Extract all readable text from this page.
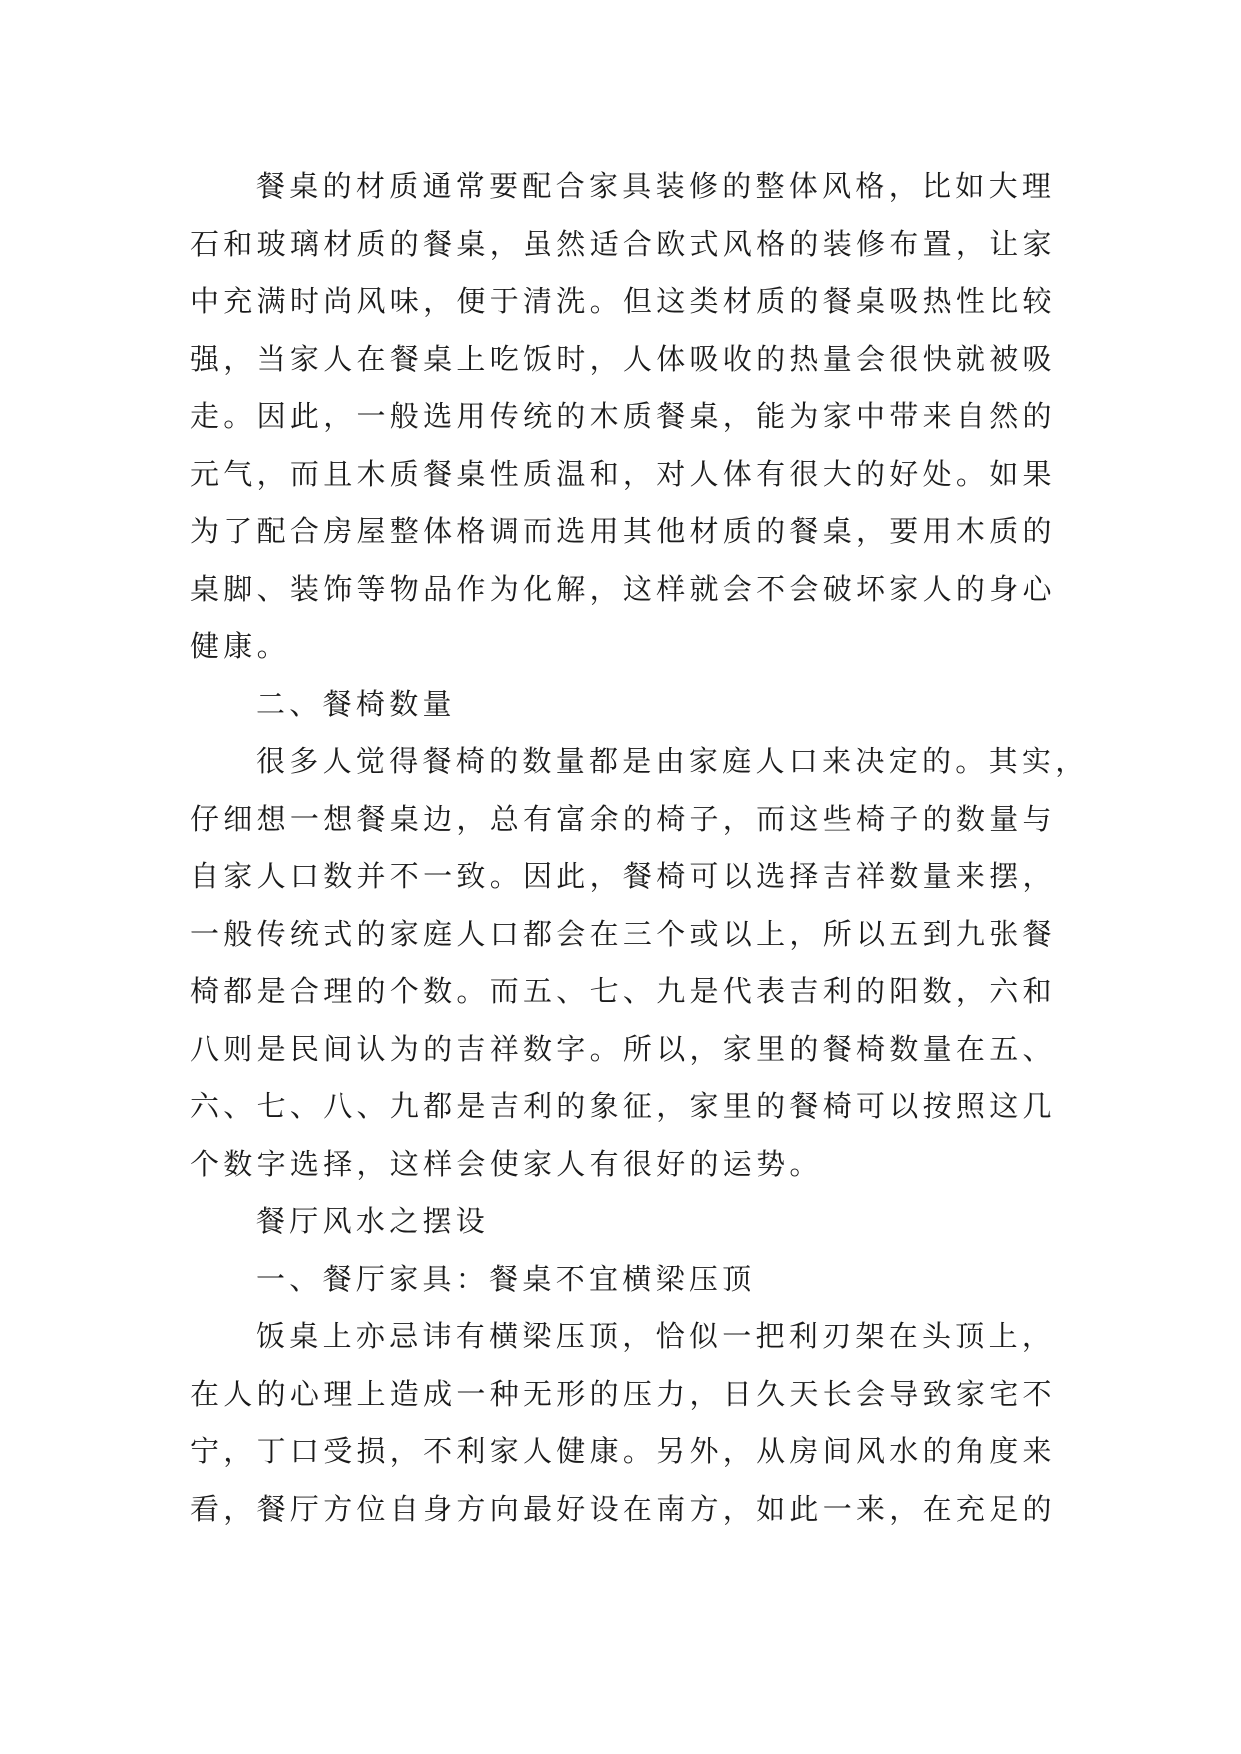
餐桌的材质通常要配合家具装修的整体风格，比如大理
石和玻璃材质的餐桌，虽然适合欧式风格的装修布置，让家
中充满时尚风味，便于清洗。但这类材质的餐桌吸热性比较
强，当家人在餐桌上吃饭时，人体吸收的热量会很快就被吸
走。因此，一般选用传统的木质餐桌，能为家中带来自然的
元气，而且木质餐桌性质温和，对人体有很大的好处。如果
为了配合房屋整体格调而选用其他材质的餐桌，要用木质的
桌脚、装饰等物品作为化解，这样就会不会破坏家人的身心
健康。
二、餐椅数量
很多人觉得餐椅的数量都是由家庭人口来决定的。其实，
仔细想一想餐桌边，总有富余的椅子，而这些椅子的数量与
自家人口数并不一致。因此，餐椅可以选择吉祥数量来摆，
一般传统式的家庭人口都会在三个或以上，所以五到九张餐
椅都是合理的个数。而五、七、九是代表吉利的阳数，六和
八则是民间认为的吉祥数字。所以，家里的餐椅数量在五、
六、七、八、九都是吉利的象征，家里的餐椅可以按照这几
个数字选择，这样会使家人有很好的运势。
餐厅风水之摆设
一、餐厅家具：餐桌不宜横梁压顶
饭桌上亦忌讳有横梁压顶，恰似一把利刃架在头顶上，
在人的心理上造成一种无形的压力，日久天长会导致家宅不
宁，丁口受损，不利家人健康。另外，从房间风水的角度来
看，餐厅方位自身方向最好设在南方，如此一来，在充足的
